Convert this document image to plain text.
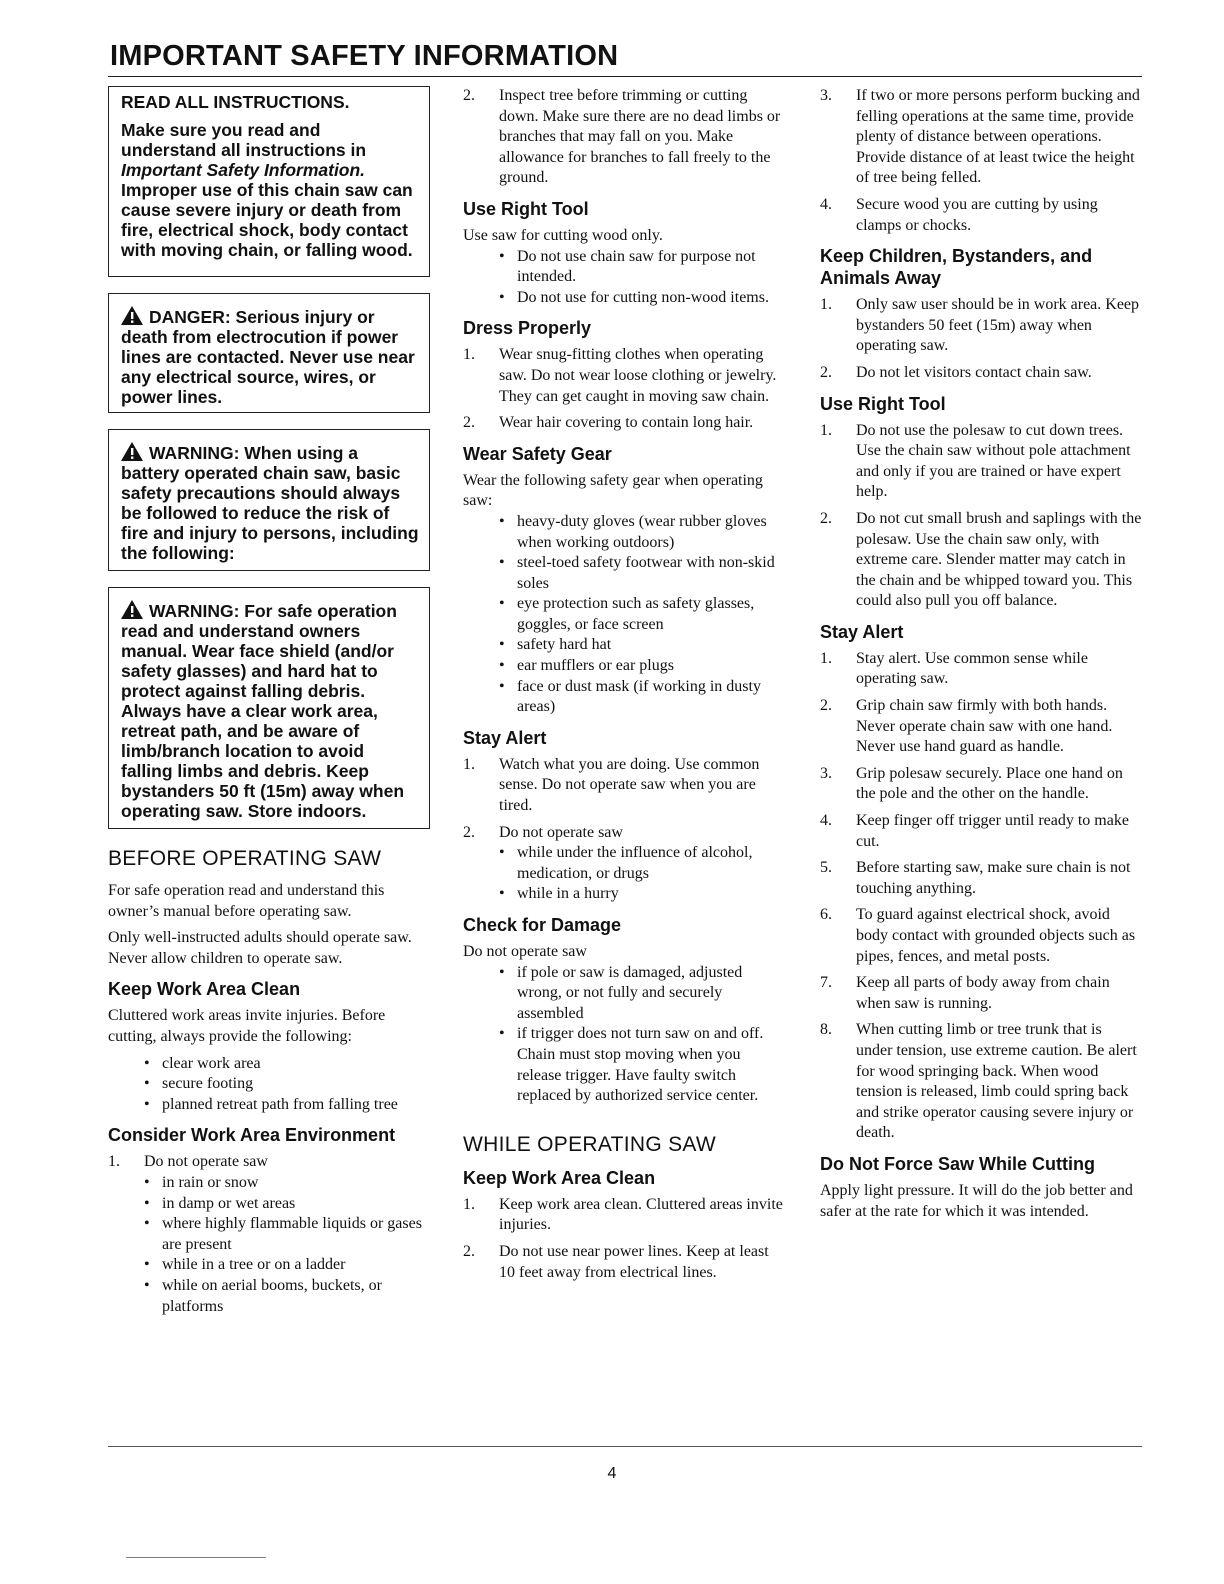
IMPORTANT SAFETY INFORMATION

READ ALL INSTRUCTIONS.

Make sure you read and understand all instructions in Important Safety Information. Improper use of this chain saw can cause severe injury or death from fire, electrical shock, body contact with moving chain, or falling wood.

DANGER: Serious injury or death from electrocution if power lines are contacted. Never use near any electrical source, wires, or power lines.

WARNING: When using a battery operated chain saw, basic safety precautions should always be followed to reduce the risk of fire and injury to persons, including the following:

WARNING: For safe operation read and understand owners manual. Wear face shield (and/or safety glasses) and hard hat to protect against falling debris. Always have a clear work area, retreat path, and be aware of limb/branch location to avoid falling limbs and debris. Keep bystanders 50 ft (15m) away when operating saw. Store indoors.

BEFORE OPERATING SAW

For safe operation read and understand this owner’s manual before operating saw.

Only well-instructed adults should operate saw. Never allow children to operate saw.

Keep Work Area Clean

Cluttered work areas invite injuries. Before cutting, always provide the following:

• clear work area
• secure footing
• planned retreat path from falling tree
Consider Work Area Environment
1. Do not operate saw
• in rain or snow
• in damp or wet areas
• where highly flammable liquids or gases are present
• while in a tree or on a ladder
• while on aerial booms, buckets, or platforms
2. Inspect tree before trimming or cutting down. Make sure there are no dead limbs or branches that may fall on you. Make allowance for branches to fall freely to the ground.
Use Right Tool

Use saw for cutting wood only.

• Do not use chain saw for purpose not intended.
• Do not use for cutting non-wood items.
Dress Properly
1. Wear snug-fitting clothes when operating saw. Do not wear loose clothing or jewelry. They can get caught in moving saw chain.
2. Wear hair covering to contain long hair.
Wear Safety Gear

Wear the following safety gear when operating saw:

• heavy-duty gloves (wear rubber gloves when working outdoors)
• steel-toed safety footwear with non-skid soles
• eye protection such as safety glasses, goggles, or face screen
• safety hard hat
• ear mufflers or ear plugs
• face or dust mask (if working in dusty areas)
Stay Alert
1. Watch what you are doing. Use common sense. Do not operate saw when you are tired.
2. Do not operate saw
• while under the influence of alcohol, medication, or drugs
• while in a hurry
Check for Damage

Do not operate saw

• if pole or saw is damaged, adjusted wrong, or not fully and securely assembled
• if trigger does not turn saw on and off. Chain must stop moving when you release trigger. Have faulty switch replaced by authorized service center.
WHILE OPERATING SAW
Keep Work Area Clean
1. Keep work area clean. Cluttered areas invite injuries.
2. Do not use near power lines. Keep at least 10 feet away from electrical lines.
3. If two or more persons perform bucking and felling operations at the same time, provide plenty of distance between operations. Provide distance of at least twice the height of tree being felled.
4. Secure wood you are cutting by using clamps or chocks.
Keep Children, Bystanders, and Animals Away
1. Only saw user should be in work area. Keep bystanders 50 feet (15m) away when operating saw.
2. Do not let visitors contact chain saw.
Use Right Tool
1. Do not use the polesaw to cut down trees. Use the chain saw without pole attachment and only if you are trained or have expert help.
2. Do not cut small brush and saplings with the polesaw. Use the chain saw only, with extreme care. Slender matter may catch in the chain and be whipped toward you. This could also pull you off balance.
Stay Alert
1. Stay alert. Use common sense while operating saw.
2. Grip chain saw firmly with both hands. Never operate chain saw with one hand. Never use hand guard as handle.
3. Grip polesaw securely. Place one hand on the pole and the other on the handle.
4. Keep finger off trigger until ready to make cut.
5. Before starting saw, make sure chain is not touching anything.
6. To guard against electrical shock, avoid body contact with grounded objects such as pipes, fences, and metal posts.
7. Keep all parts of body away from chain when saw is running.
8. When cutting limb or tree trunk that is under tension, use extreme caution. Be alert for wood springing back. When wood tension is released, limb could spring back and strike operator causing severe injury or death.
Do Not Force Saw While Cutting

Apply light pressure. It will do the job better and safer at the rate for which it was intended.

4
